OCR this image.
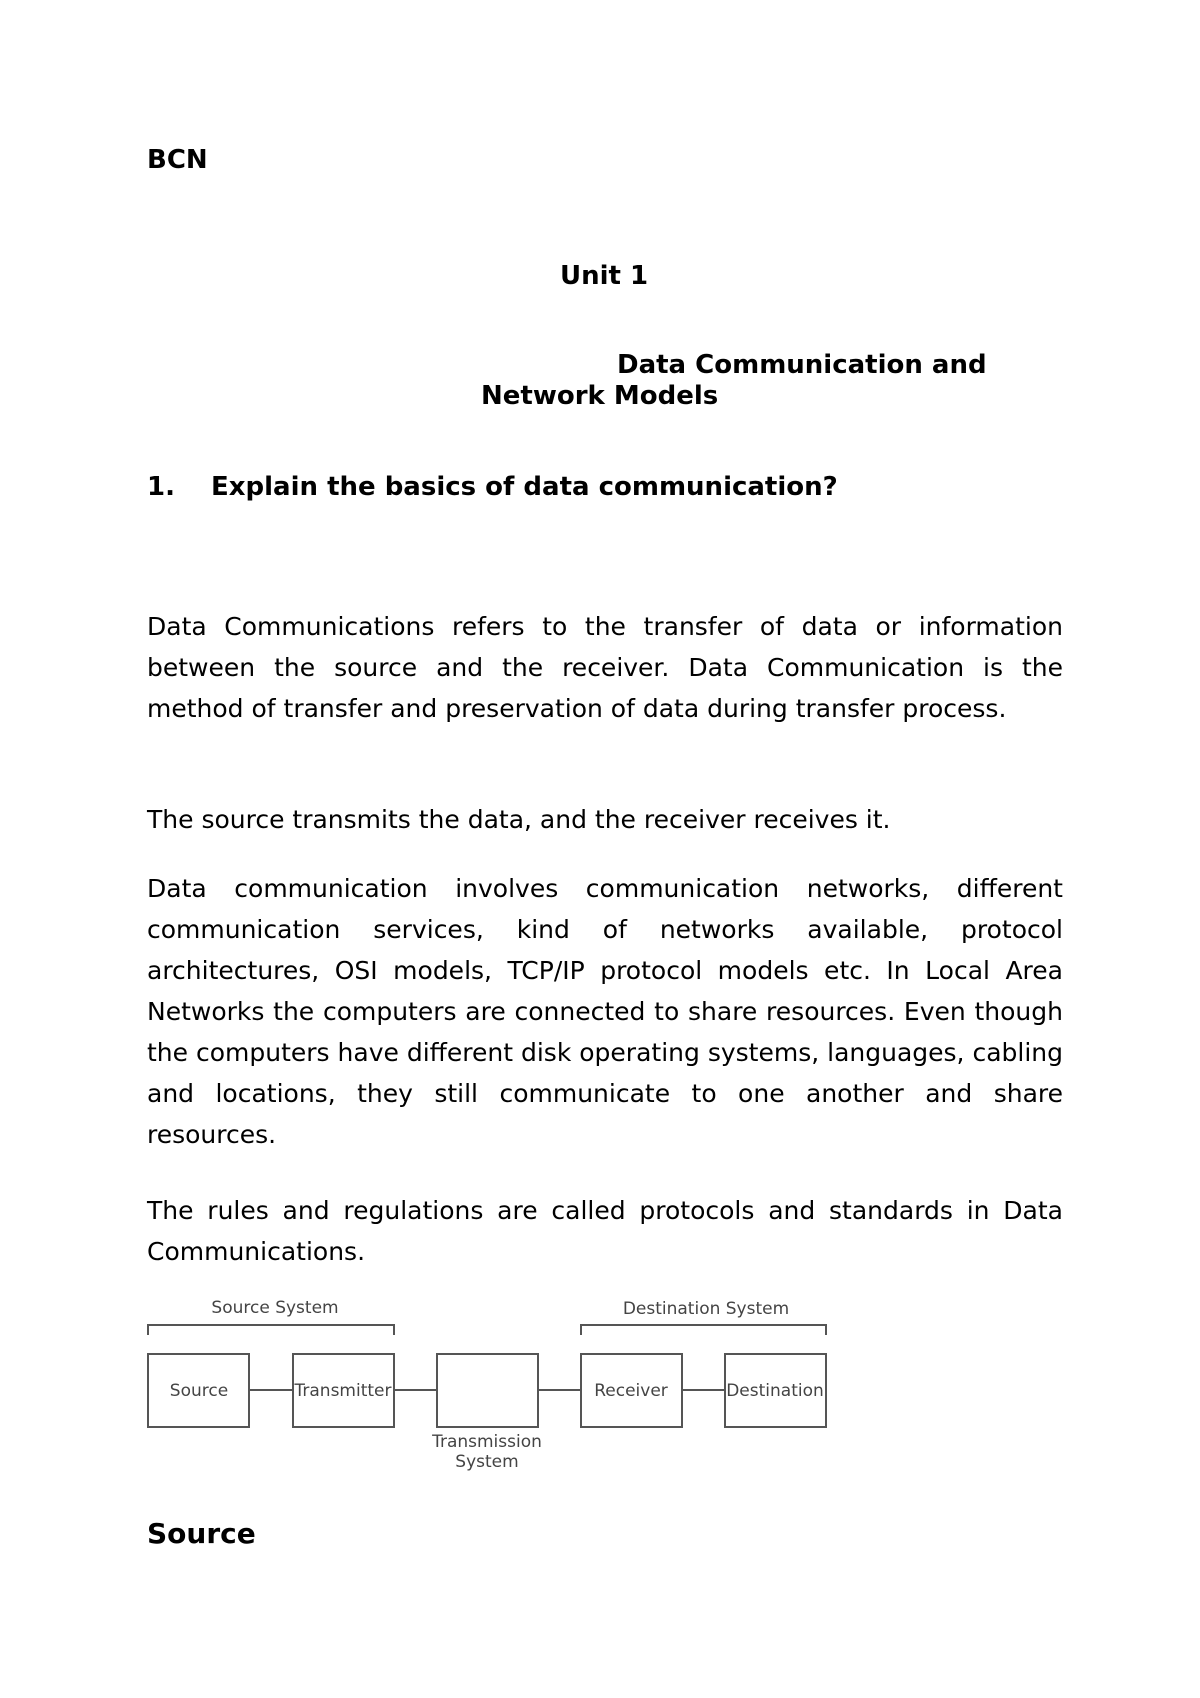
BCN
Unit 1
Data Communication and
Network Models
1. Explain the basics of data communication?

Data Communications refers to the transfer of data or information between the source and the receiver. Data Communication is the method of transfer and preservation of data during transfer process.

The source transmits the data, and the receiver receives it.

Data communication involves communication networks, different communication services, kind of networks available, protocol architectures, OSI models, TCP/IP protocol models etc. In Local Area Networks the computers are connected to share resources. Even though the computers have different disk operating systems, languages, cabling and locations, they still communicate to one another and share resources.

The rules and regulations are called protocols and standards in Data Communications.

Source System	Destination System
Source	Transmitter	Receiver	Destination
Transmission
System
Source
